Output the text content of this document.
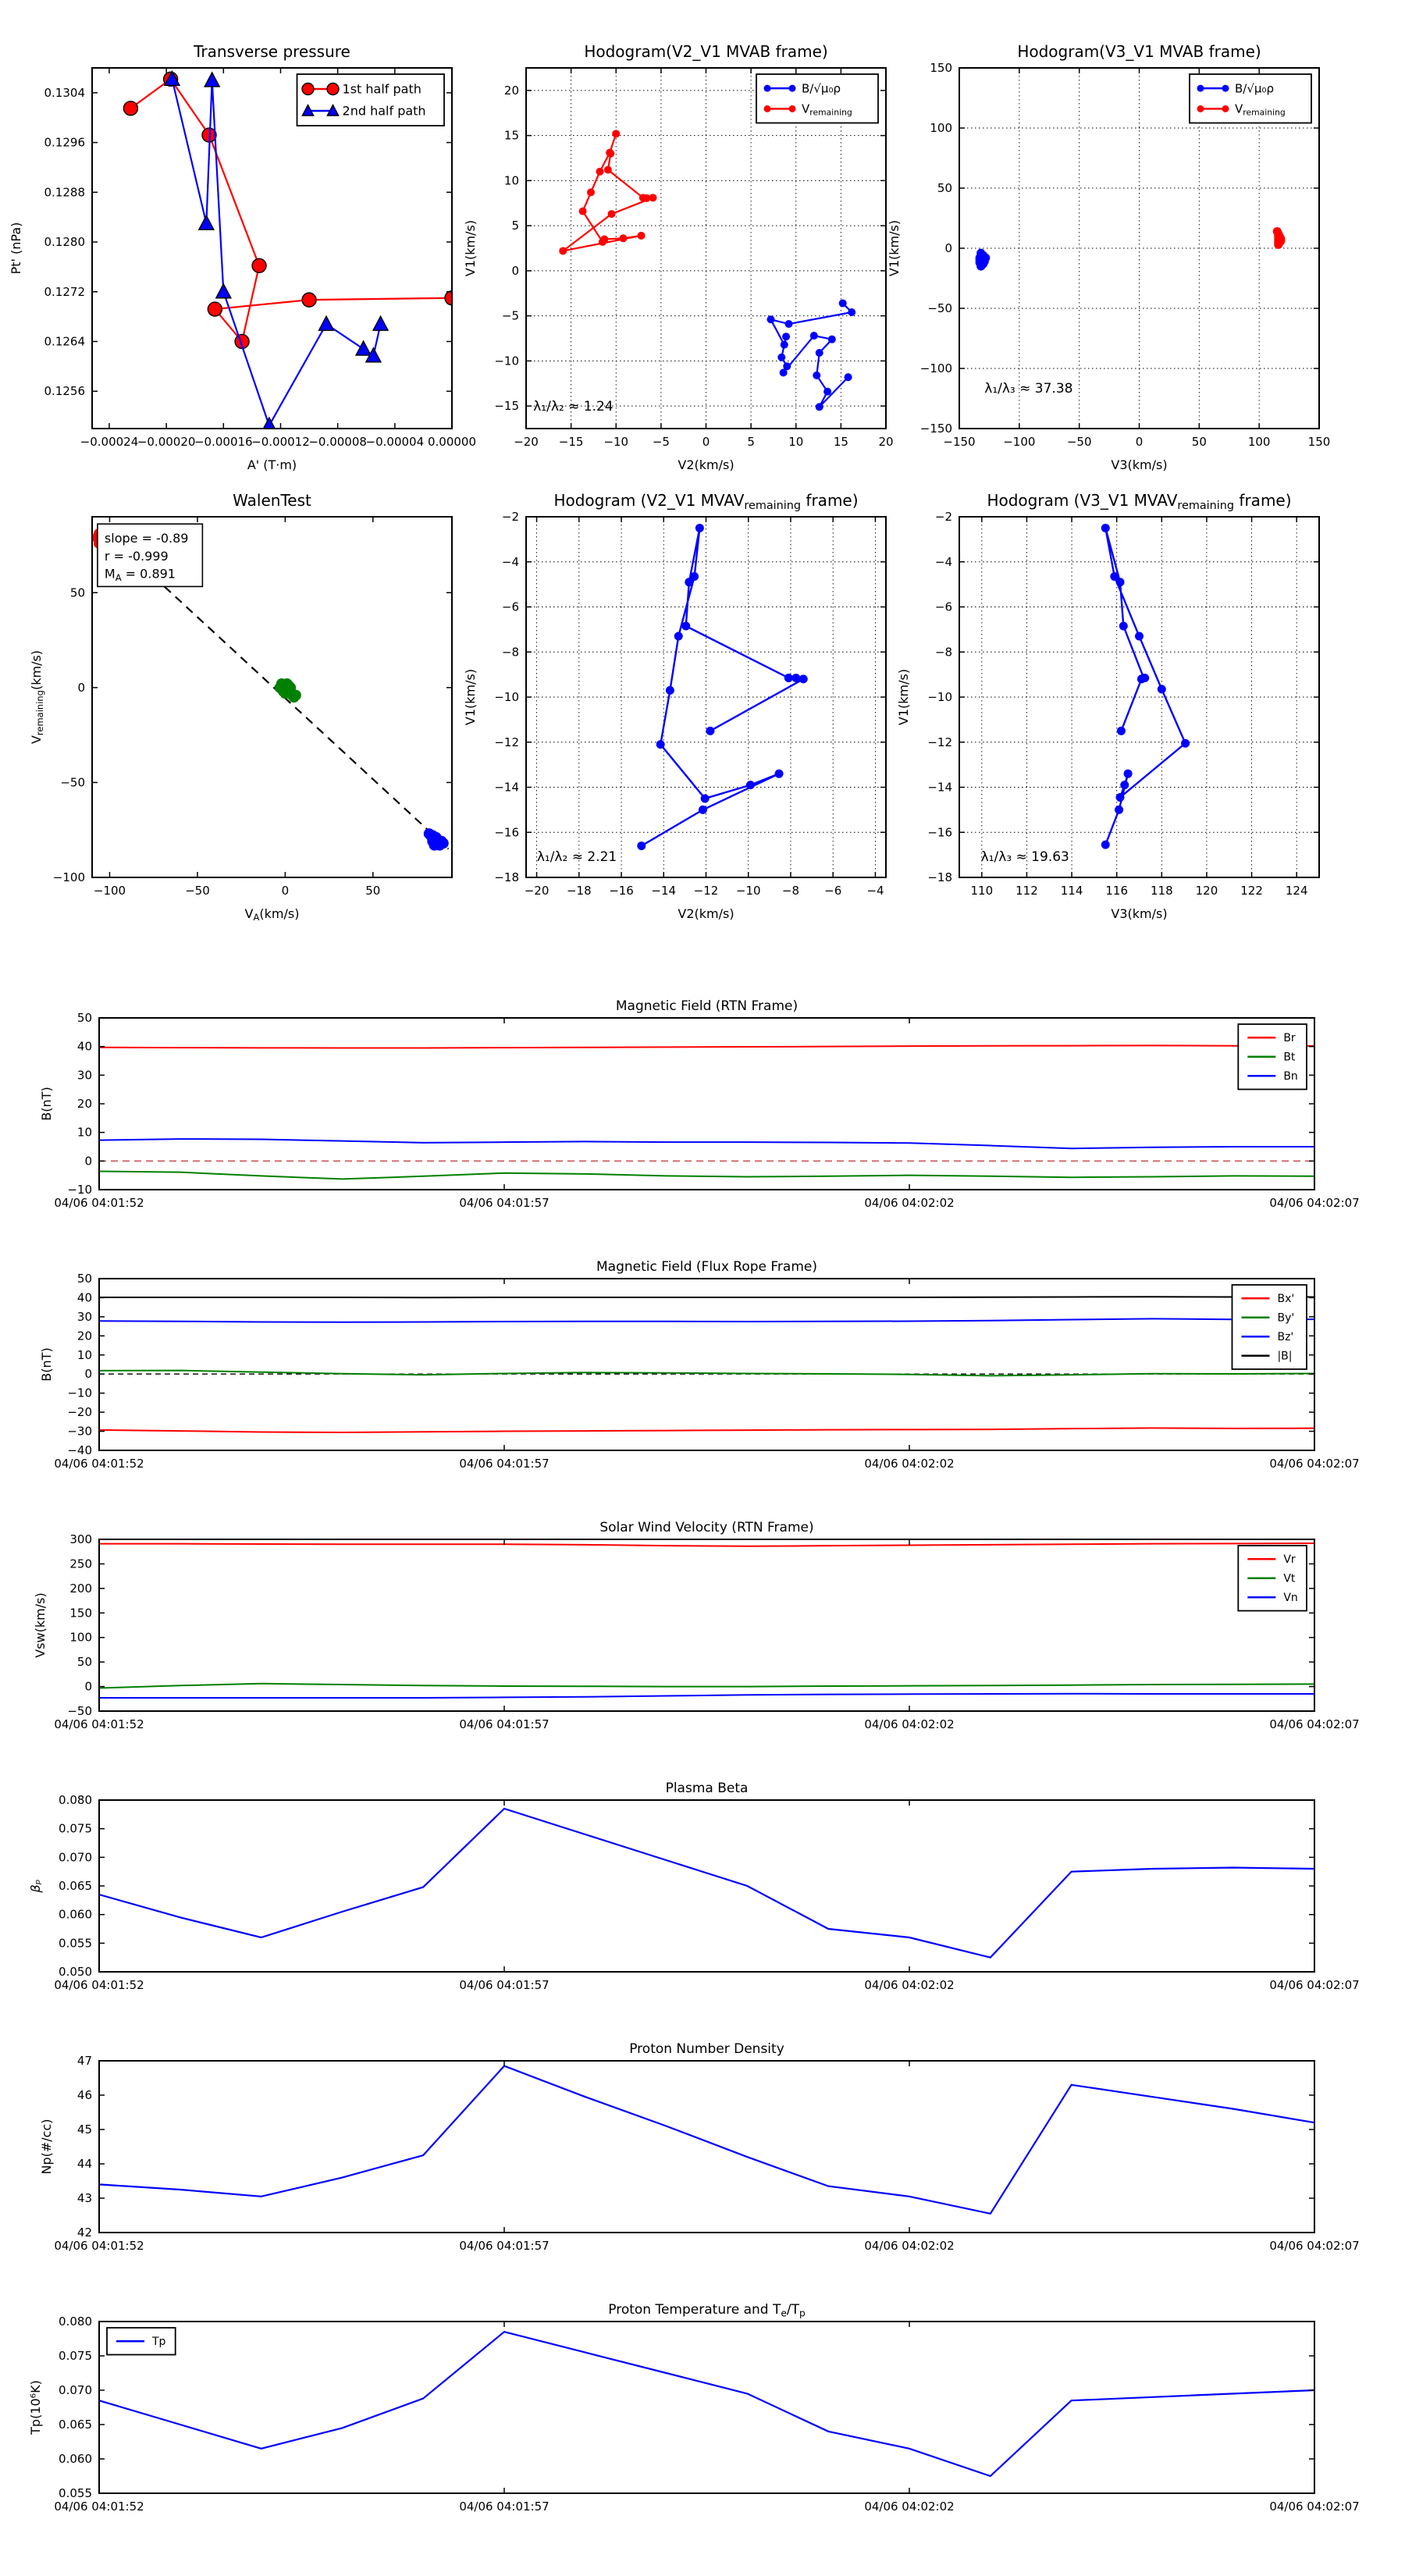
−0.00024
−0.00020
−0.00016
−0.00012
−0.00008
−0.00004 0.00000
0.1256
0.1264
0.1272
0.1280
0.1288
0.1296
0.1304
Transverse pressure
A' (T·m)
Pt' (nPa)
1st half path
2nd half path
−20 −15 −10 −5	0	5	10	15	20
−15
−10
−5
0
5
10
15
20
Hodogram(V2_V1 MVAB frame)
V2(km/s)
V1(km/s)
B/√μ₀ρ
$V_{remaining}$
λ₁/λ₂ ≈ 1.24
−150 −100	−50	0	50	100	150
−150
−100
−50
0
50
100
150
Hodogram(V3_V1 MVAB frame)
V3(km/s)
V1(km/s)
B/√μ₀ρ
$V_{remaining}$
λ₁/λ₃ ≈ 37.38
−100	−50	0	50
−100
−50
0
50
WalenTest
$V_A(km/s)$
$V_{remaining}(km/s)$
slope = -0.89
r = -0.999
$M_A = 0.891$
−20 −18 −16 −14 −12 −10 −8 −6 −4
−18
−16
−14
−12
−10
−8
−6
−4
−2
Hodogram (V2_V1 $MVAV_{remaining}$ frame)
V2(km/s)
V1(km/s)
λ₁/λ₂ ≈ 2.21
110 112 114 116 118 120 122 124
−18
−16
−14
−12
−10
−8
−6
−4
−2
Hodogram (V3_V1 $MVAV_{remaining}$ frame)
V3(km/s)
V1(km/s)
λ₁/λ₃ ≈ 19.63
04/06 04:01:52	04/06 04:01:57	04/06 04:02:02	04/06 04:02:07
−10
0
10
20
30
40
50
Magnetic Field (RTN Frame)
B(nT)
Br
Bt
Bn
04/06 04:01:52	04/06 04:01:57	04/06 04:02:02	04/06 04:02:07
−40
−30
−20
−10
0
10
20
30
40
50
Magnetic Field (Flux Rope Frame)
B(nT)
Bx'
By'
Bz'
|B|
04/06 04:01:52	04/06 04:01:57	04/06 04:02:02	04/06 04:02:07
−50
0
50
100
150
200
250
300
Solar Wind Velocity (RTN Frame)
Vsw(km/s)
Vr
Vt
Vn
04/06 04:01:52	04/06 04:01:57	04/06 04:02:02	04/06 04:02:07
0.050
0.055
0.060
0.065
0.070
0.075
0.080
Plasma Beta
βₚ
04/06 04:01:52	04/06 04:01:57	04/06 04:02:02	04/06 04:02:07
42
43
44
45
46
47
Proton Number Density
Np(#/cc)
04/06 04:01:52	04/06 04:01:57	04/06 04:02:02	04/06 04:02:07
0.055
0.060
0.065
0.070
0.075
0.080
Proton Temperature and Te/Tp
Tp(10⁶K)
Tp
